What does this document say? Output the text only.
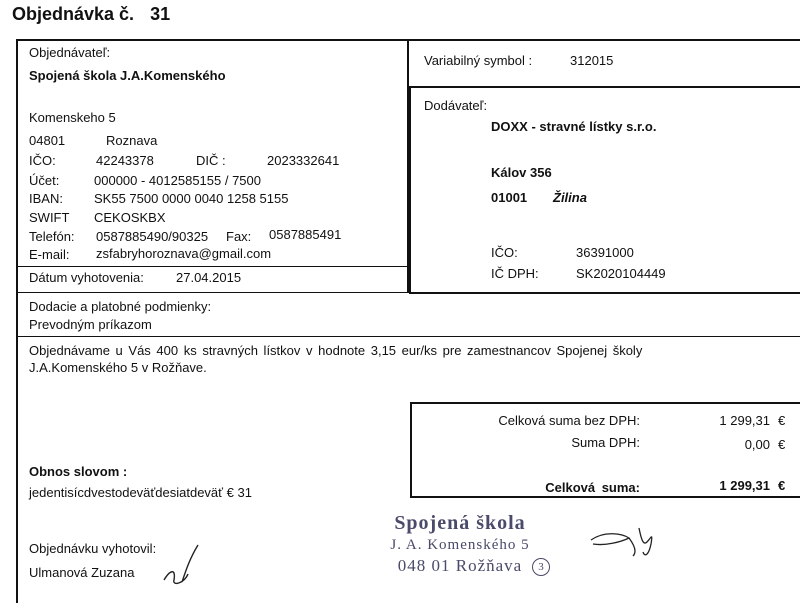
Objednávka č. 31
Objednávateľ:
Spojená škola J.A.Komenského
Komenskeho 5
04801	Roznava
IČO:	42243378	DIČ :	2023332641
Účet:	000000 - 4012585155 / 7500
IBAN: SK55 7500 0000 0040 1258 5155
SWIFT CEKOSKBX
Telefón: 0587885490/90325 Fax: 0587885491
E-mail: zsfabryhoroznava@gmail.com
Dátum vyhotovenia: 27.04.2015
Variabilný symbol :	312015
Dodávateľ:
DOXX - stravné lístky s.r.o.
Kálov 356
01001 Žilina
IČO:	36391000
IČ DPH:	SK2020104449
Dodacie a platobné podmienky:
Prevodným príkazom
Objednávame u Vás 400 ks stravných lístkov v hodnote 3,15 eur/ks pre zamestnancov Spojenej školy
J.A.Komenského 5 v Rožňave.
Celková suma bez DPH:	1 299,31 €
Suma DPH:	0,00 €
Celková suma:	1 299,31 €
Obnos slovom :
jedentisícdvestodeväťdesiatdeväť € 31
Objednávku vyhotovil:
Ulmanová Zuzana
Spojená škola
J. A. Komenského 5
048 01 Rožňava	3
